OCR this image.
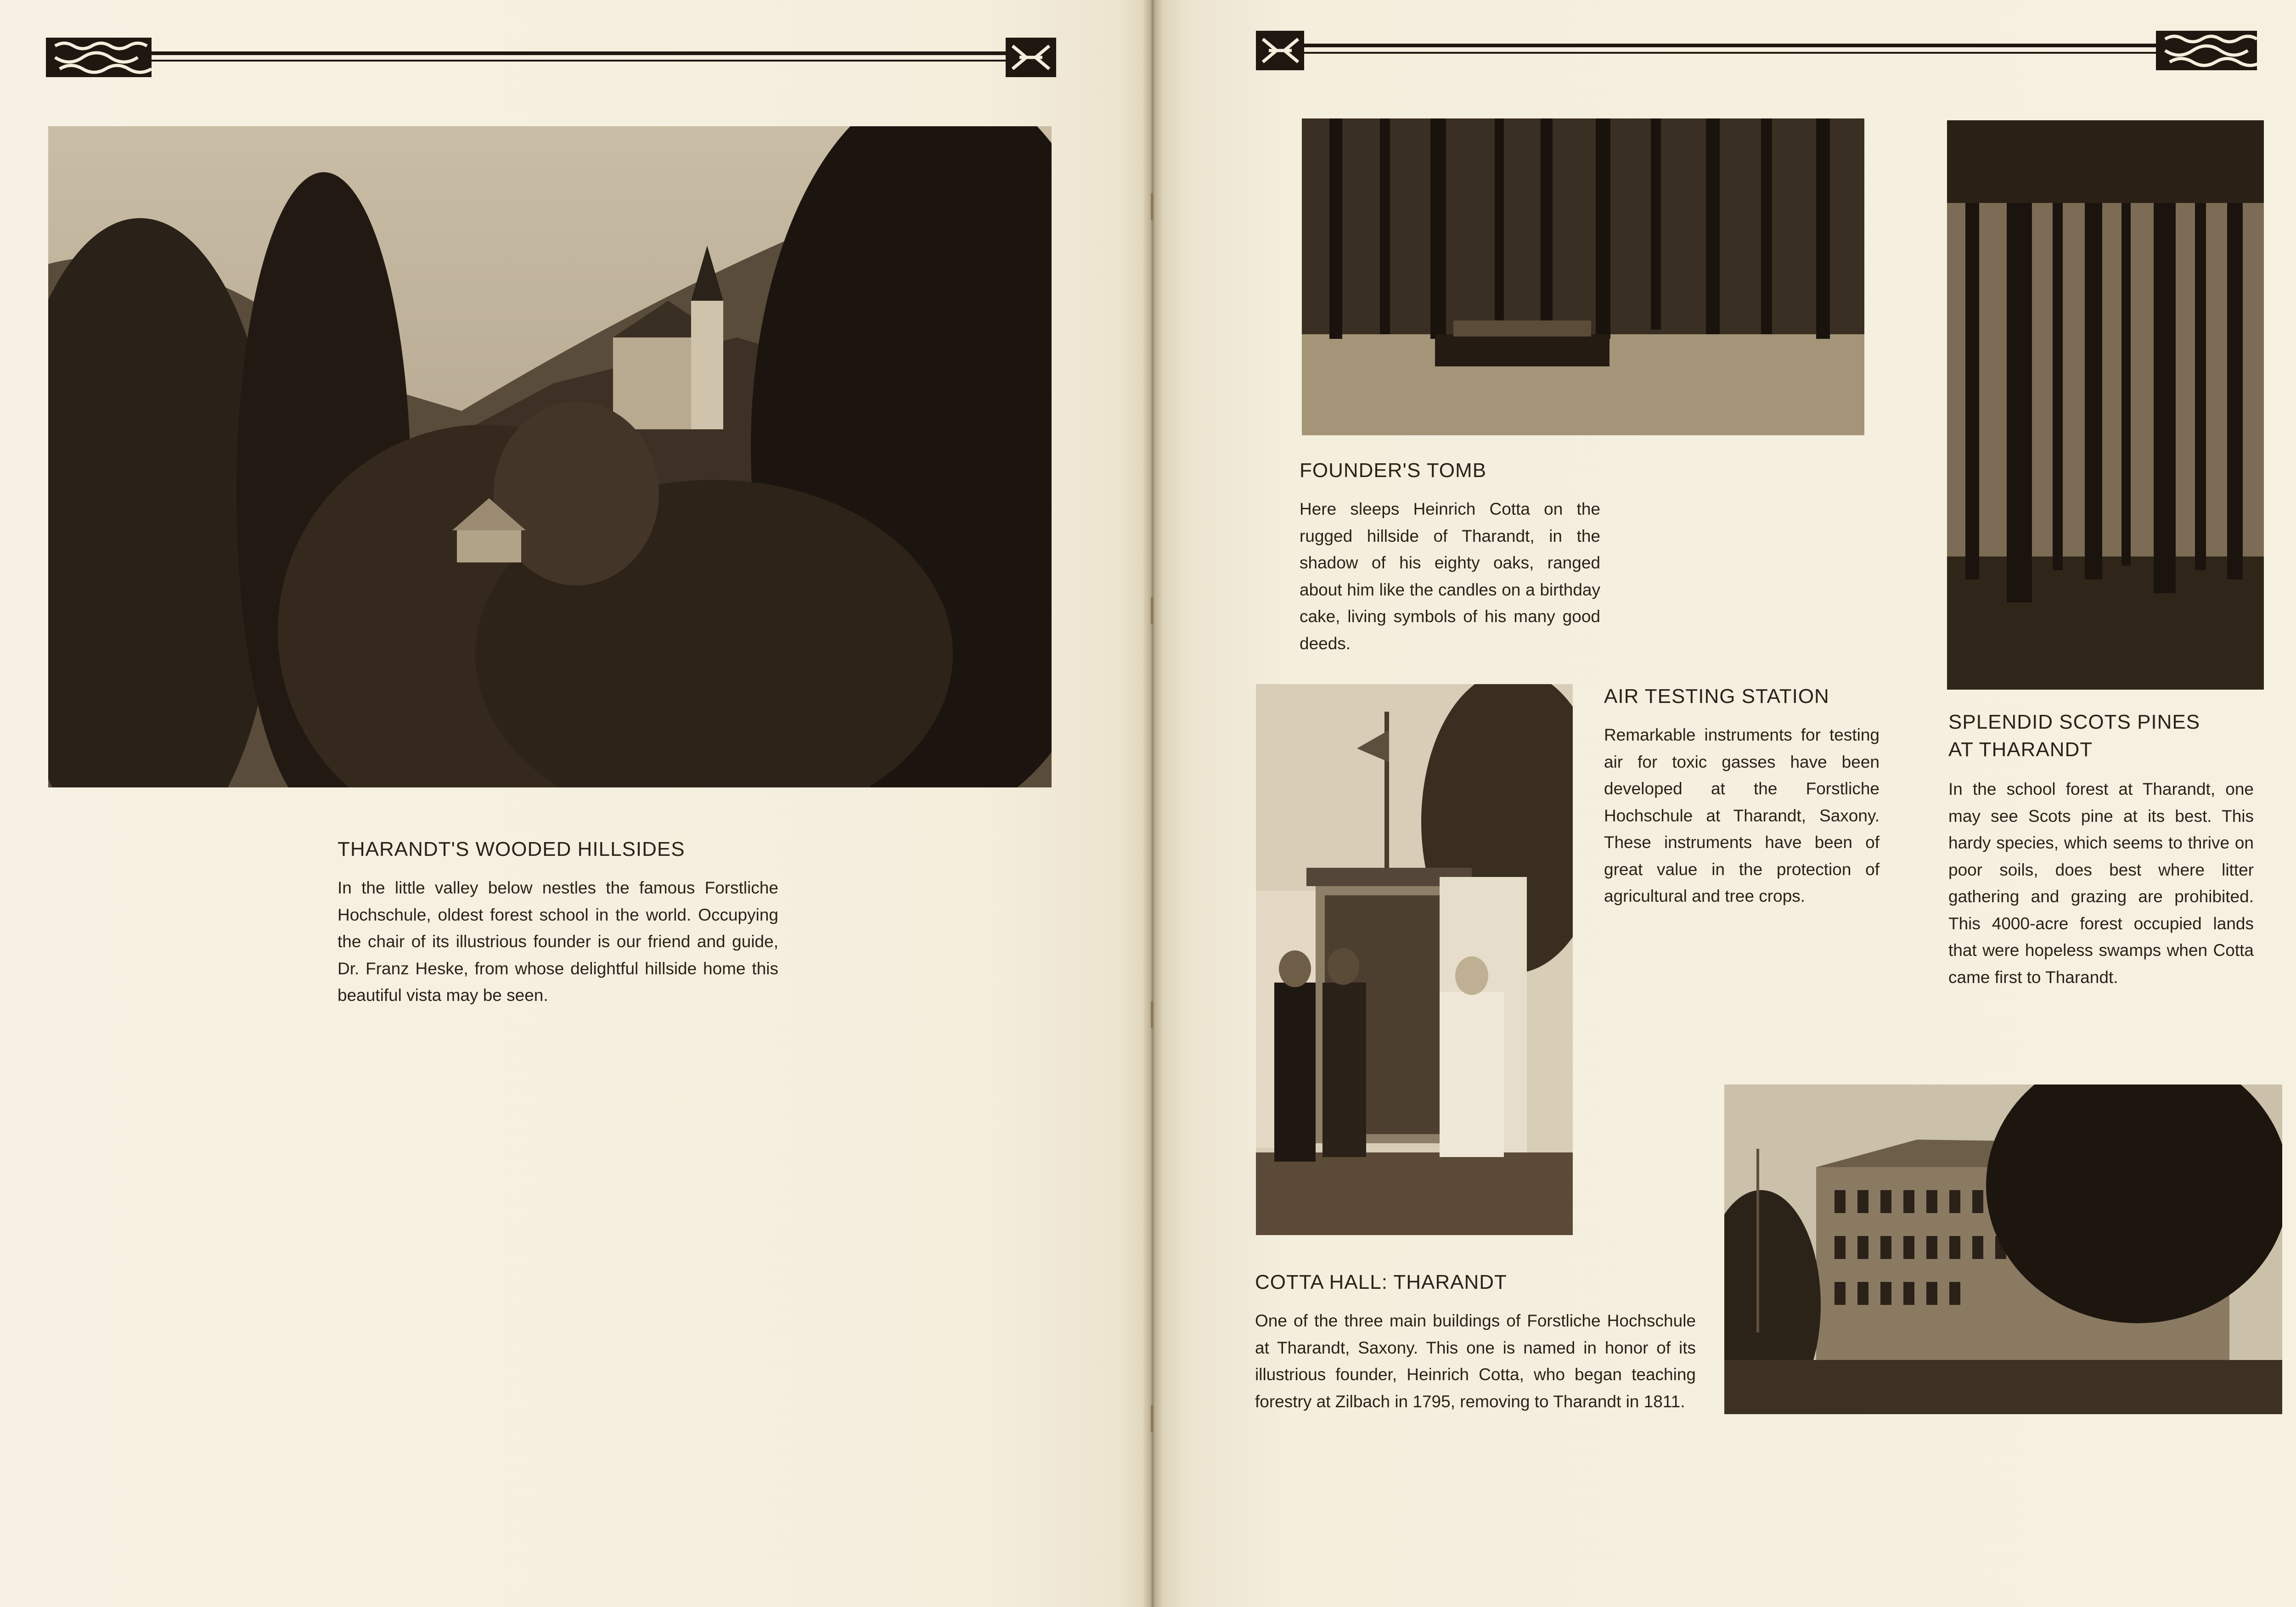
THARANDT'S WOODED HILLSIDES
In the little valley below nestles the famous Forstliche Hochschule, oldest forest school in the world. Occupying the chair of its illustrious founder is our friend and guide, Dr. Franz Heske, from whose delightful hillside home this beautiful vista may be seen.
FOUNDER'S TOMB
Here sleeps Heinrich Cotta on the rugged hillside of Tharandt, in the shadow of his eighty oaks, ranged about him like the candles on a birthday cake, living symbols of his many good deeds.
SPLENDID SCOTS PINES
AT THARANDT
In the school forest at Tharandt, one may see Scots pine at its best. This hardy species, which seems to thrive on poor soils, does best where litter gathering and grazing are prohibited. This 4000-acre forest occupied lands that were hopeless swamps when Cotta came first to Tharandt.
AIR TESTING STATION
Remarkable instruments for testing air for toxic gasses have been developed at the Forstliche Hochschule at Tharandt, Saxony. These instruments have been of great value in the protection of agricultural and tree crops.
COTTA HALL: THARANDT
One of the three main buildings of Forstliche Hochschule at Tharandt, Saxony. This one is named in honor of its illustrious founder, Heinrich Cotta, who began teaching forestry at Zilbach in 1795, removing to Tharandt in 1811.
